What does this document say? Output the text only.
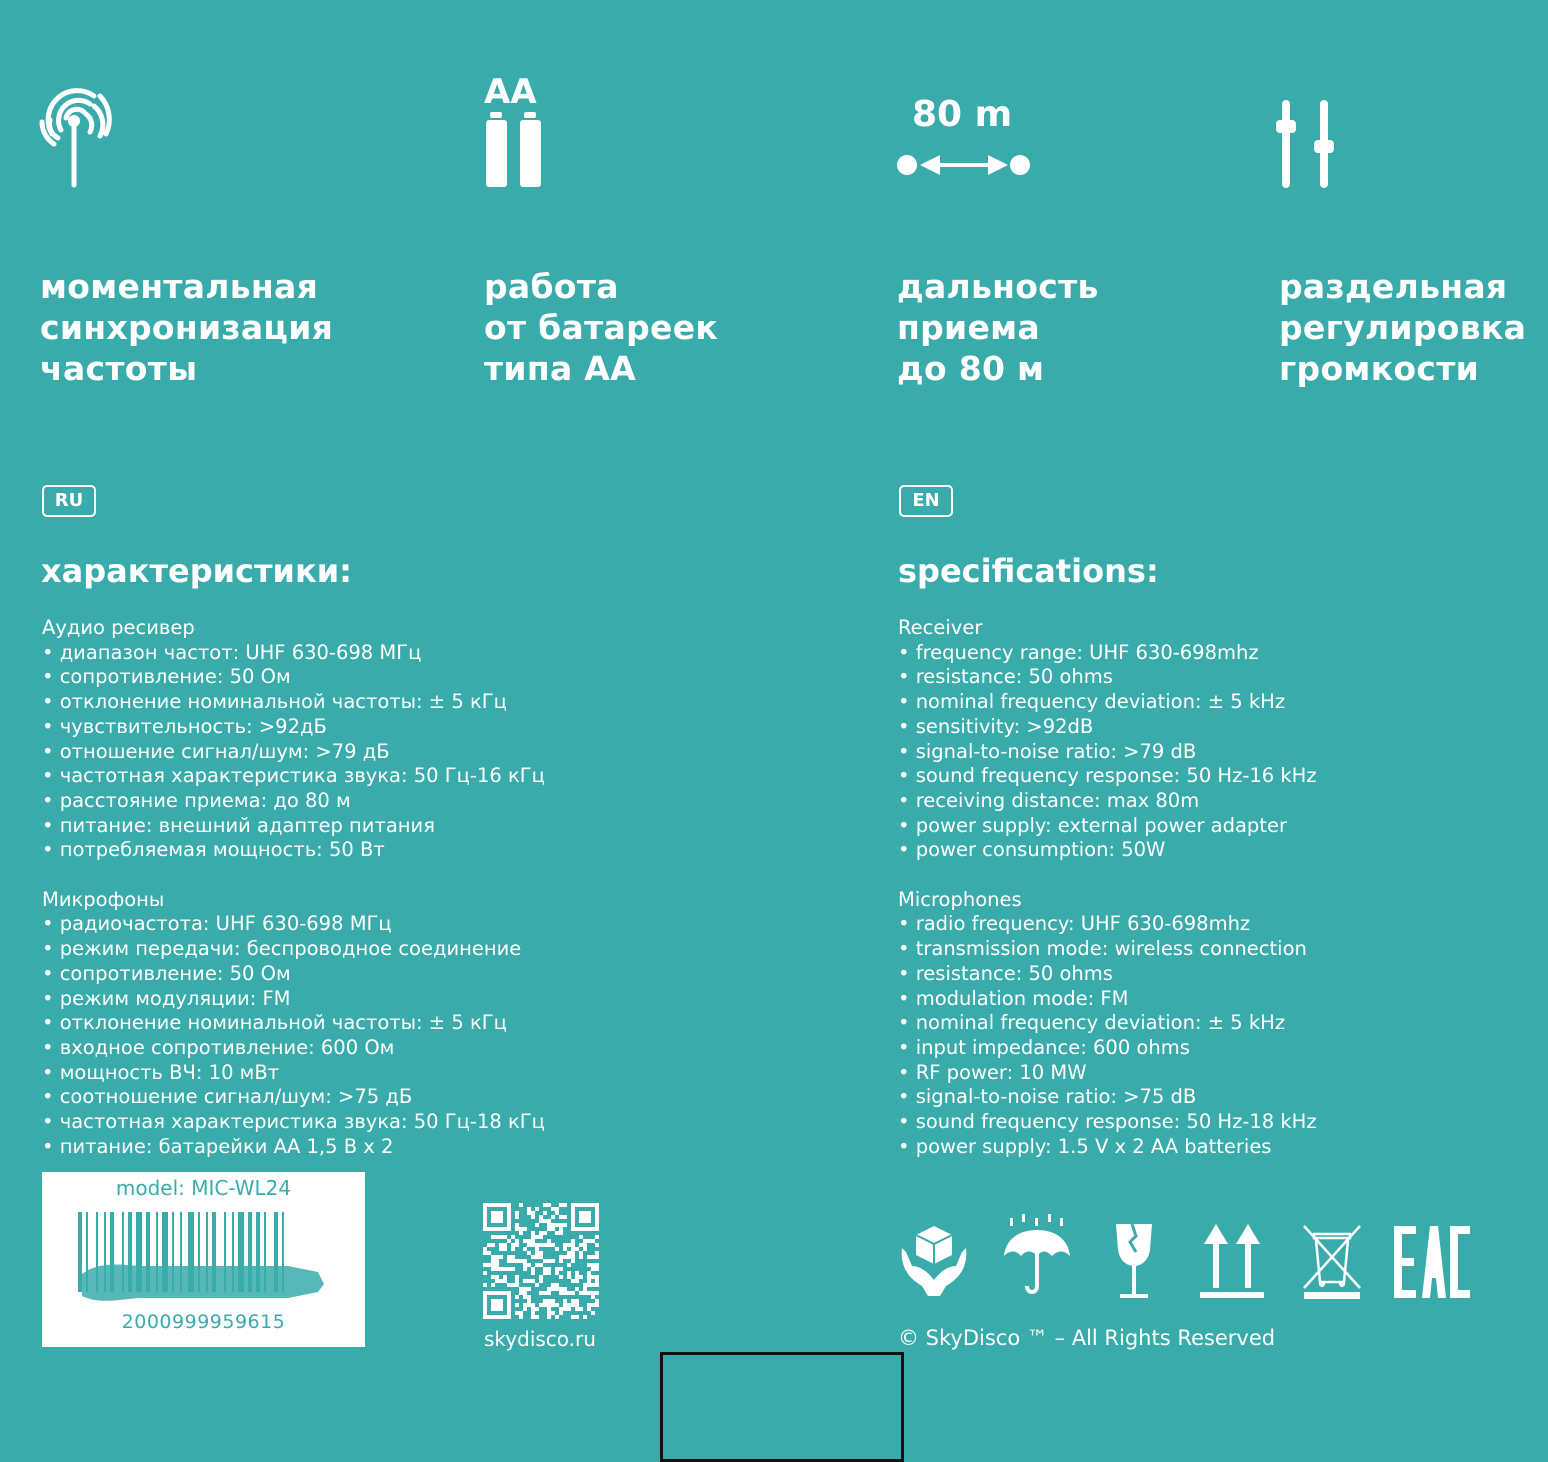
AA
80 m
моментальная
синхронизация
частоты
работа
от батареек
типа АА
дальность
приема
до 80 м
раздельная
регулировка
громкости
RU	EN
характеристики:	specifications:
Аудио ресивер
• диапазон частот: UHF 630-698 МГц
• сопротивление: 50 Ом
• отклонение номинальной частоты: ± 5 кГц
• чувствительность: >92дБ
• отношение сигнал/шум: >79 дБ
• частотная характеристика звука: 50 Гц-16 кГц
• расстояние приема: до 80 м
• питание: внешний адаптер питания
• потребляемая мощность: 50 Вт
Микрофоны
• радиочастота: UHF 630-698 МГц
• режим передачи: беспроводное соединение
• сопротивление: 50 Ом
• режим модуляции: FM
• отклонение номинальной частоты: ± 5 кГц
• входное сопротивление: 600 Ом
• мощность ВЧ: 10 мВт
• соотношение сигнал/шум: >75 дБ
• частотная характеристика звука: 50 Гц-18 кГц
• питание: батарейки АА 1,5 В х 2
Receiver
• frequency range: UHF 630-698mhz
• resistance: 50 ohms
• nominal frequency deviation: ± 5 kHz
• sensitivity: >92dB
• signal-to-noise ratio: >79 dB
• sound frequency response: 50 Hz-16 kHz
• receiving distance: max 80m
• power supply: external power adapter
• power consumption: 50W
Microphones
• radio frequency: UHF 630-698mhz
• transmission mode: wireless connection
• resistance: 50 ohms
• modulation mode: FM
• nominal frequency deviation: ± 5 kHz
• input impedance: 600 ohms
• RF power: 10 MW
• signal-to-noise ratio: >75 dB
• sound frequency response: 50 Hz-18 kHz
• power supply: 1.5 V x 2 AA batteries
model: MIC-WL24
2000999959615
skydisco.ru	© SkyDisco ™ – All Rights Reserved
